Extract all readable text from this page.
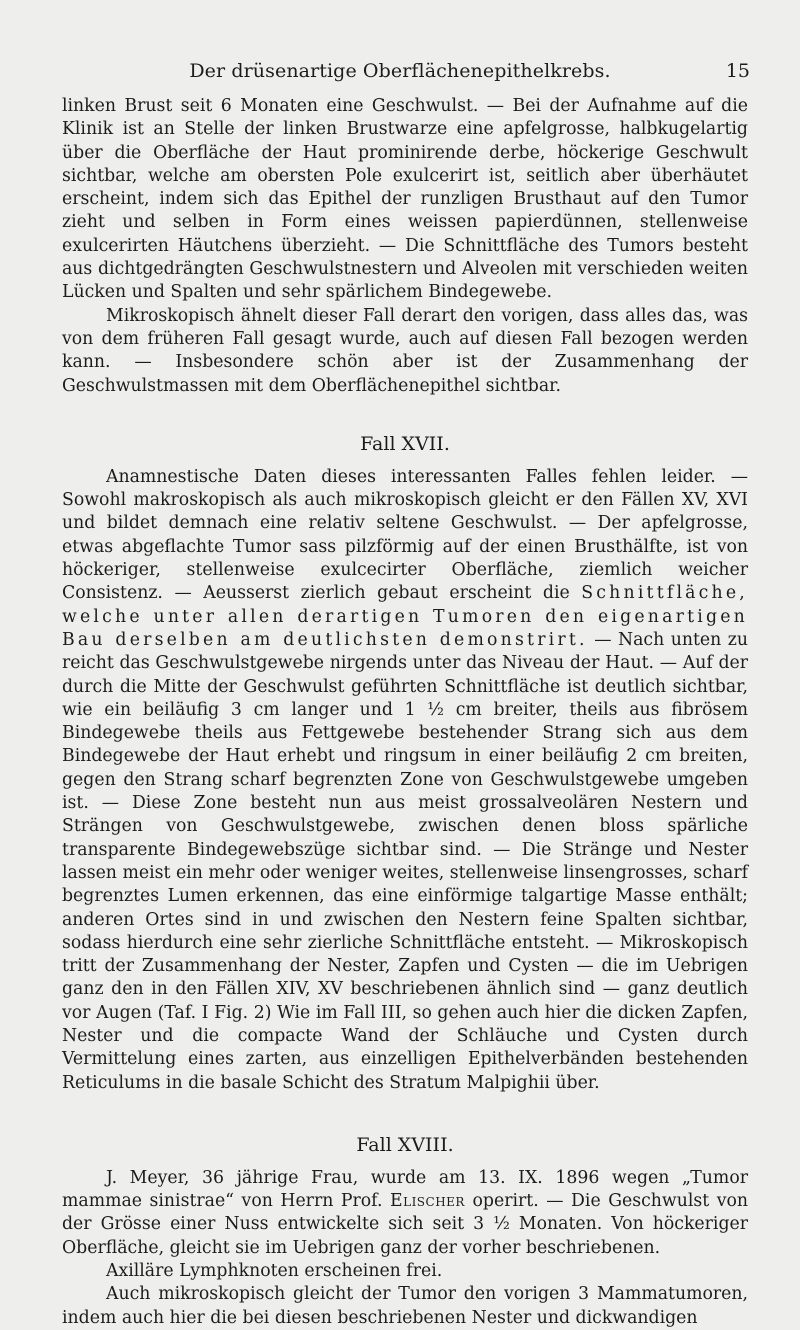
Der drüsenartige Oberflächenepithelkrebs.	15

linken Brust seit 6 Monaten eine Geschwulst. — Bei der Aufnahme auf die Klinik ist an Stelle der linken Brustwarze eine apfelgrosse, halbkugelartig über die Oberfläche der Haut prominirende derbe, höckerige Geschwult sichtbar, welche am obersten Pole exulcerirt ist, seitlich aber überhäutet erscheint, indem sich das Epithel der runzligen Brusthaut auf den Tumor zieht und selben in Form eines weissen papierdünnen, stellenweise exulcerirten Häutchens überzieht. — Die Schnittfläche des Tumors besteht aus dichtgedrängten Geschwulstnestern und Alveolen mit verschieden weiten Lücken und Spalten und sehr spärlichem Bindegewebe.

Mikroskopisch ähnelt dieser Fall derart den vorigen, dass alles das, was von dem früheren Fall gesagt wurde, auch auf diesen Fall bezogen werden kann. — Insbesondere schön aber ist der Zusammenhang der Geschwulstmassen mit dem Oberflächenepithel sichtbar.

Fall XVII.

Anamnestische Daten dieses interessanten Falles fehlen leider. — Sowohl makroskopisch als auch mikroskopisch gleicht er den Fällen XV, XVI und bildet demnach eine relativ seltene Geschwulst. — Der apfelgrosse, etwas abgeflachte Tumor sass pilzförmig auf der einen Brusthälfte, ist von höckeriger, stellenweise exulcecirter Oberfläche, ziemlich weicher Consistenz. — Aeusserst zierlich gebaut erscheint die Schnittfläche, welche unter allen derartigen Tumoren den eigenartigen Bau derselben am deutlichsten demonstrirt. — Nach unten zu reicht das Geschwulstgewebe nirgends unter das Niveau der Haut. — Auf der durch die Mitte der Geschwulst geführten Schnittfläche ist deutlich sichtbar, wie ein beiläufig 3 cm langer und 1 ½ cm breiter, theils aus fibrösem Bindegewebe theils aus Fettgewebe bestehender Strang sich aus dem Bindegewebe der Haut erhebt und ringsum in einer beiläufig 2 cm breiten, gegen den Strang scharf begrenzten Zone von Geschwulstgewebe umgeben ist. — Diese Zone besteht nun aus meist grossalveolären Nestern und Strängen von Geschwulstgewebe, zwischen denen bloss spärliche transparente Bindegewebszüge sichtbar sind. — Die Stränge und Nester lassen meist ein mehr oder weniger weites, stellenweise linsengrosses, scharf begrenztes Lumen erkennen, das eine einförmige talgartige Masse enthält; anderen Ortes sind in und zwischen den Nestern feine Spalten sichtbar, sodass hierdurch eine sehr zierliche Schnittfläche entsteht. — Mikroskopisch tritt der Zusammenhang der Nester, Zapfen und Cysten — die im Uebrigen ganz den in den Fällen XIV, XV beschriebenen ähnlich sind — ganz deutlich vor Augen (Taf. I Fig. 2) Wie im Fall III, so gehen auch hier die dicken Zapfen, Nester und die compacte Wand der Schläuche und Cysten durch Vermittelung eines zarten, aus einzelligen Epithelverbänden bestehenden Reticulums in die basale Schicht des Stratum Malpighii über.

Fall XVIII.

J. Meyer, 36 jährige Frau, wurde am 13. IX. 1896 wegen „Tumor mammae sinistrae“ von Herrn Prof. Elischer operirt. — Die Geschwulst von der Grösse einer Nuss entwickelte sich seit 3 ½ Monaten. Von höckeriger Oberfläche, gleicht sie im Uebrigen ganz der vorher beschriebenen.

Axilläre Lymphknoten erscheinen frei.

Auch mikroskopisch gleicht der Tumor den vorigen 3 Mammatumoren, indem auch hier die bei diesen beschriebenen Nester und dickwandigen
